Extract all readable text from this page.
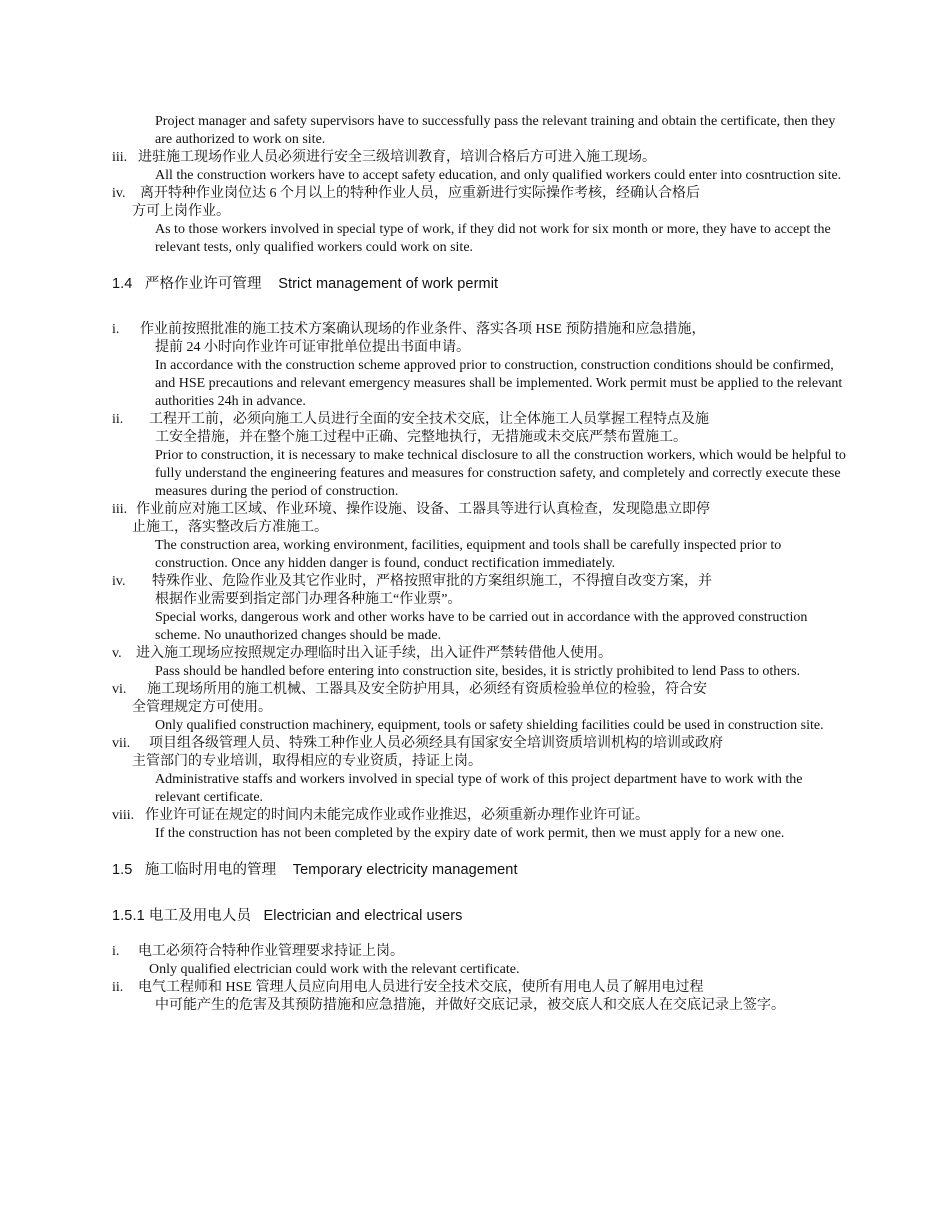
Project manager and safety supervisors have to successfully pass the relevant training and obtain the certificate, then they are authorized to work on site.
iii. 进驻施工现场作业人员必须进行安全三级培训教育，培训合格后方可进入施工现场。
All the construction workers have to accept safety education, and only qualified workers could enter into cosntruction site.
iv.	离开特种作业岗位达 6 个月以上的特种作业人员，应重新进行实际操作考核，经确认合格后
方可上岗作业。
As to those workers involved in special type of work, if they did not work for six month or more, they have to accept the relevant tests, only qualified workers could work on site.
1.4 严格作业许可管理 Strict management of work permit
i.	作业前按照批准的施工技术方案确认现场的作业条件、落实各项 HSE 预防措施和应急措施，
提前 24 小时向作业许可证审批单位提出书面申请。
In accordance with the construction scheme approved prior to construction, construction conditions should be confirmed, and HSE precautions and relevant emergency measures shall be implemented. Work permit must be applied to the relevant authorities 24h in advance.
ii.	工程开工前，必须向施工人员进行全面的安全技术交底，让全体施工人员掌握工程特点及施
工安全措施，并在整个施工过程中正确、完整地执行，无措施或未交底严禁布置施工。
Prior to construction, it is necessary to make technical disclosure to all the construction workers, which would be helpful to fully understand the engineering features and measures for construction safety, and completely and correctly execute these measures during the period of construction.
iii. 作业前应对施工区域、作业环境、操作设施、设备、工器具等进行认真检查，发现隐患立即停
止施工，落实整改后方准施工。
The construction area, working environment, facilities, equipment and tools shall be carefully inspected prior to construction. Once any hidden danger is found, conduct rectification immediately.
iv.	特殊作业、危险作业及其它作业时，严格按照审批的方案组织施工，不得擅自改变方案，并
根据作业需要到指定部门办理各种施工“作业票”。
Special works, dangerous work and other works have to be carried out in accordance with the approved construction scheme. No unauthorized changes should be made.
v.	进入施工现场应按照规定办理临时出入证手续，出入证件严禁转借他人使用。
Pass should be handled before entering into construction site, besides, it is strictly prohibited to lend Pass to others.
vi.	施工现场所用的施工机械、工器具及安全防护用具，必须经有资质检验单位的检验，符合安
全管理规定方可使用。
Only qualified construction machinery, equipment, tools or safety shielding facilities could be used in construction site.
vii.	项目组各级管理人员、特殊工种作业人员必须经具有国家安全培训资质培训机构的培训或政府
主管部门的专业培训，取得相应的专业资质，持证上岗。
Administrative staffs and workers involved in special type of work of this project department have to work with the relevant certificate.
viii. 作业许可证在规定的时间内未能完成作业或作业推迟，必须重新办理作业许可证。
If the construction has not been completed by the expiry date of work permit, then we must apply for a new one.
1.5 施工临时用电的管理 Temporary electricity management
1.5.1 电工及用电人员 Electrician and electrical users
i.	电工必须符合特种作业管理要求持证上岗。
Only qualified electrician could work with the relevant certificate.
ii.	电气工程师和 HSE 管理人员应向用电人员进行安全技术交底，使所有用电人员了解用电过程
中可能产生的危害及其预防措施和应急措施，并做好交底记录，被交底人和交底人在交底记录上签字。
